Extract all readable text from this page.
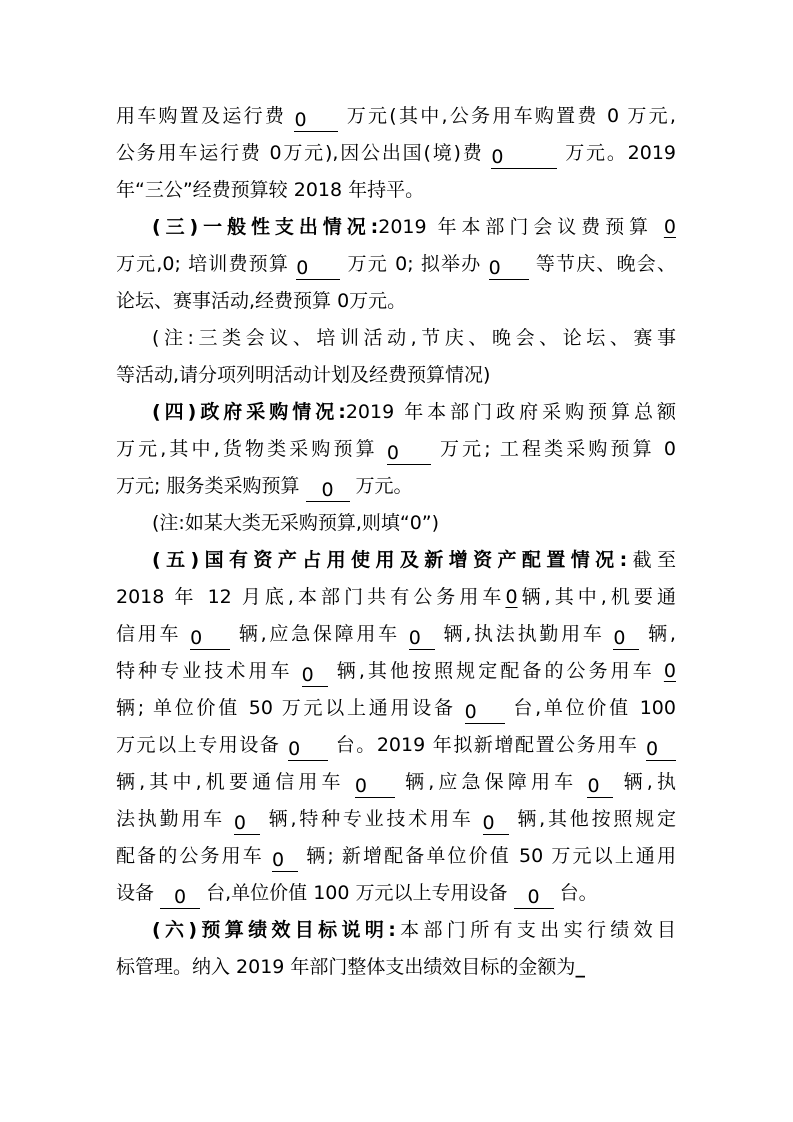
用车购置及运行费 0 万元(其中,公务用车购置费 0 万元,
公务用车运行费 0万元),因公出国(境)费 0	万元。2019
年“三公”经费预算较 2018 年持平。
(三)一般性支出情况:2019 年本部门会议费预算 0
万元,0; 培训费预算 0 万元 0; 拟举办 0 等节庆、晚会、
论坛、赛事活动,经费预算 0万元。
(注:三类会议、培训活动,节庆、晚会、论坛、赛事
等活动,请分项列明活动计划及经费预算情况)
(四)政府采购情况:2019 年本部门政府采购预算总额
万元,其中,货物类采购预算 0 万元; 工程类采购预算 0
万元; 服务类采购预算 0 万元。
(注:如某大类无采购预算,则填“0”)
(五)国有资产占用使用及新增资产配置情况:截至
2018 年 12 月底,本部门共有公务用车0辆,其中,机要通
信用车 0 辆,应急保障用车 0 辆,执法执勤用车 0 辆,
特种专业技术用车 0 辆,其他按照规定配备的公务用车 0
辆; 单位价值 50 万元以上通用设备 0 台,单位价值 100
万元以上专用设备 0 台。2019 年拟新增配置公务用车 0
辆,其中,机要通信用车 0 辆,应急保障用车 0 辆,执
法执勤用车 0 辆,特种专业技术用车 0 辆,其他按照规定
配备的公务用车 0 辆; 新增配备单位价值 50 万元以上通用
设备 0 台,单位价值 100 万元以上专用设备 0 台。
(六)预算绩效目标说明:本部门所有支出实行绩效目
标管理。纳入 2019 年部门整体支出绩效目标的金额为_
